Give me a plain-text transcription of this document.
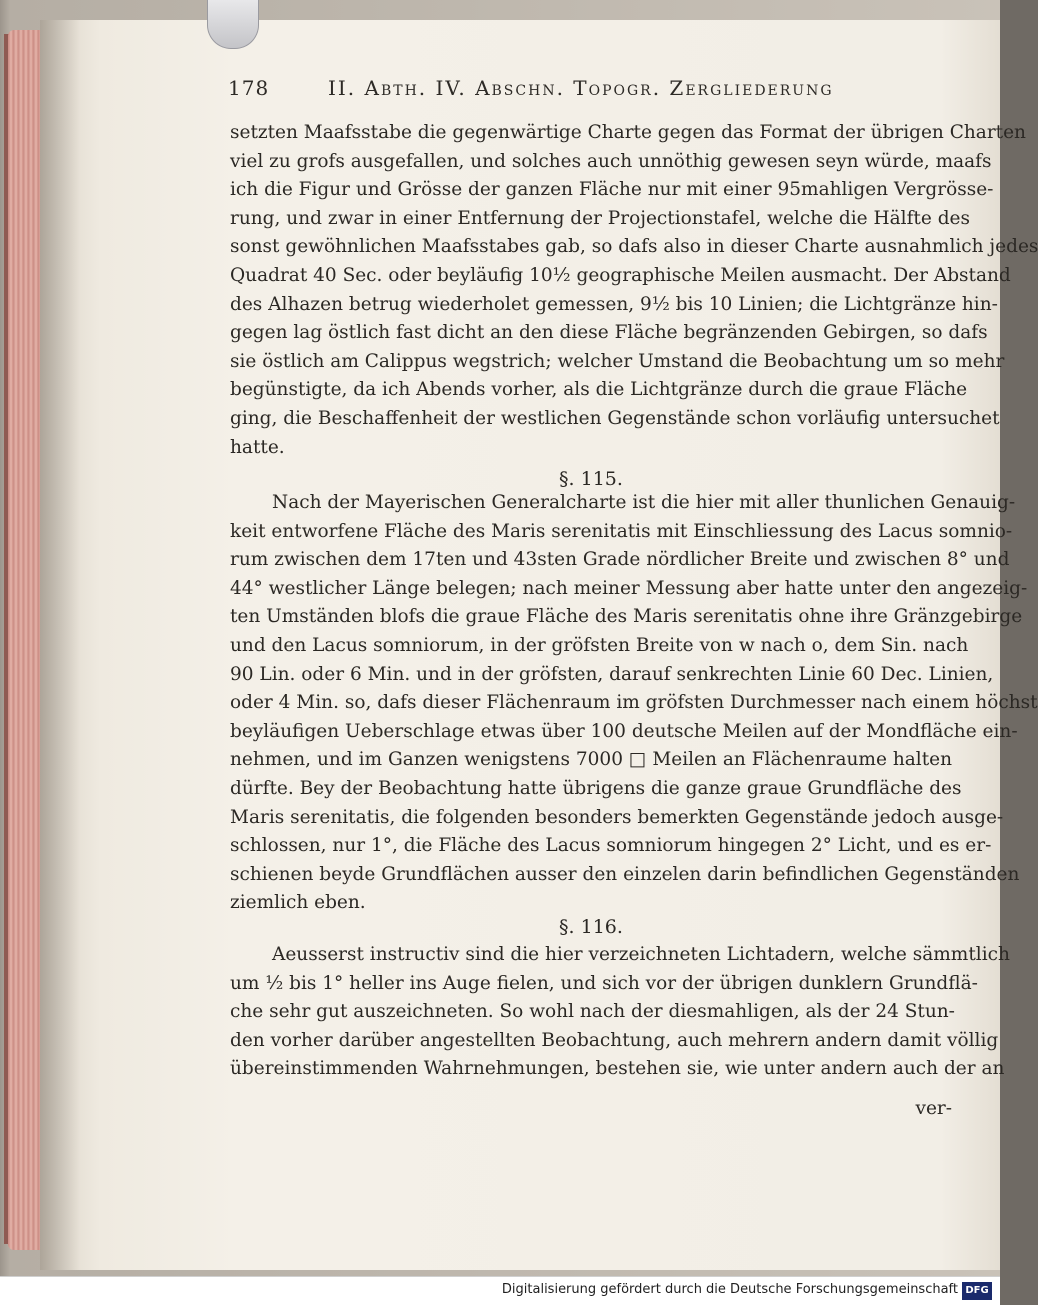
178	II. Abth. IV. Abschn. Topogr. Zergliederung
setzten Maafsstabe die gegenwärtige Charte gegen das Format der übrigen Charten
viel zu grofs ausgefallen, und solches auch unnöthig gewesen seyn würde, maafs
ich die Figur und Grösse der ganzen Fläche nur mit einer 95mahligen Vergrösse-
rung, und zwar in einer Entfernung der Projectionstafel, welche die Hälfte des
sonst gewöhnlichen Maafsstabes gab, so dafs also in dieser Charte ausnahmlich jedes
Quadrat 40 Sec. oder beyläufig 10½ geographische Meilen ausmacht. Der Abstand
des Alhazen betrug wiederholet gemessen, 9½ bis 10 Linien; die Lichtgränze hin-
gegen lag östlich fast dicht an den diese Fläche begränzenden Gebirgen, so dafs
sie östlich am Calippus wegstrich; welcher Umstand die Beobachtung um so mehr
begünstigte, da ich Abends vorher, als die Lichtgränze durch die graue Fläche
ging, die Beschaffenheit der westlichen Gegenstände schon vorläufig untersuchet
hatte.
§. 115.
Nach der Mayerischen Generalcharte ist die hier mit aller thunlichen Genauig-
keit entworfene Fläche des Maris serenitatis mit Einschliessung des Lacus somnio-
rum zwischen dem 17ten und 43sten Grade nördlicher Breite und zwischen 8° und
44° westlicher Länge belegen; nach meiner Messung aber hatte unter den angezeig-
ten Umständen blofs die graue Fläche des Maris serenitatis ohne ihre Gränzgebirge
und den Lacus somniorum, in der gröfsten Breite von w nach o, dem Sin. nach
90 Lin. oder 6 Min. und in der gröfsten, darauf senkrechten Linie 60 Dec. Linien,
oder 4 Min. so, dafs dieser Flächenraum im gröfsten Durchmesser nach einem höchst
beyläufigen Ueberschlage etwas über 100 deutsche Meilen auf der Mondfläche ein-
nehmen, und im Ganzen wenigstens 7000 □ Meilen an Flächenraume halten
dürfte. Bey der Beobachtung hatte übrigens die ganze graue Grundfläche des
Maris serenitatis, die folgenden besonders bemerkten Gegenstände jedoch ausge-
schlossen, nur 1°, die Fläche des Lacus somniorum hingegen 2° Licht, und es er-
schienen beyde Grundflächen ausser den einzelen darin befindlichen Gegenständen
ziemlich eben.
§. 116.
Aeusserst instructiv sind die hier verzeichneten Lichtadern, welche sämmtlich
um ½ bis 1° heller ins Auge fielen, und sich vor der übrigen dunklern Grundflä-
che sehr gut auszeichneten. So wohl nach der diesmahligen, als der 24 Stun-
den vorher darüber angestellten Beobachtung, auch mehrern andern damit völlig
übereinstimmenden Wahrnehmungen, bestehen sie, wie unter andern auch der an
ver-
Digitalisierung gefördert durch die Deutsche Forschungsgemeinschaft DFG
